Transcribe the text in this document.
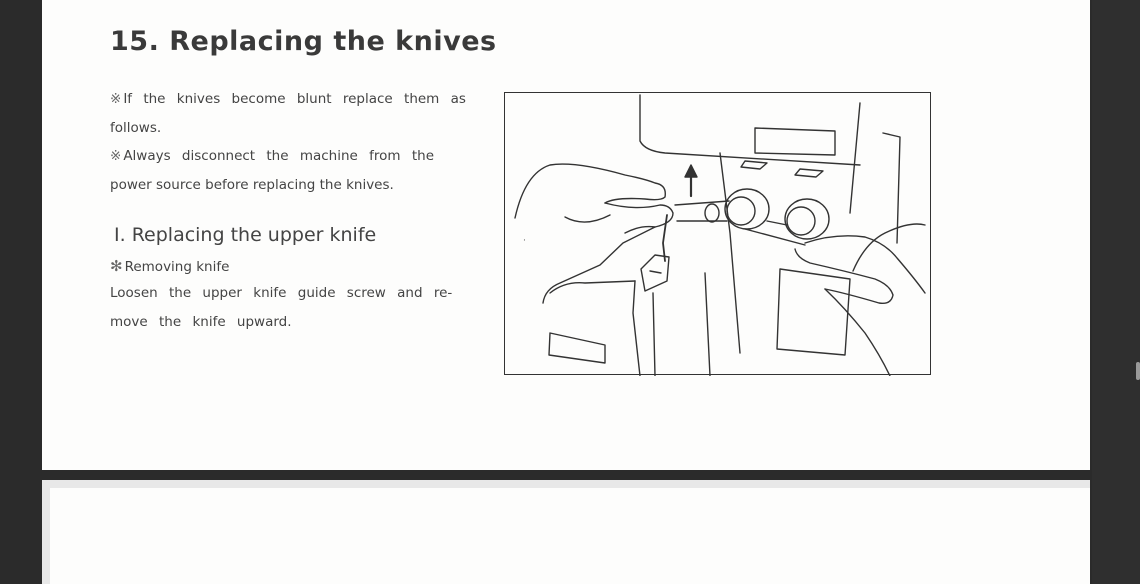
15. Replacing the knives
※ If the knives become blunt replace them as
follows.
※ Always disconnect the machine from the
power source before replacing the knives.
I. Replacing the upper knife
✻ Removing knife
Loosen the upper knife guide screw and re-
move the knife upward.
·
